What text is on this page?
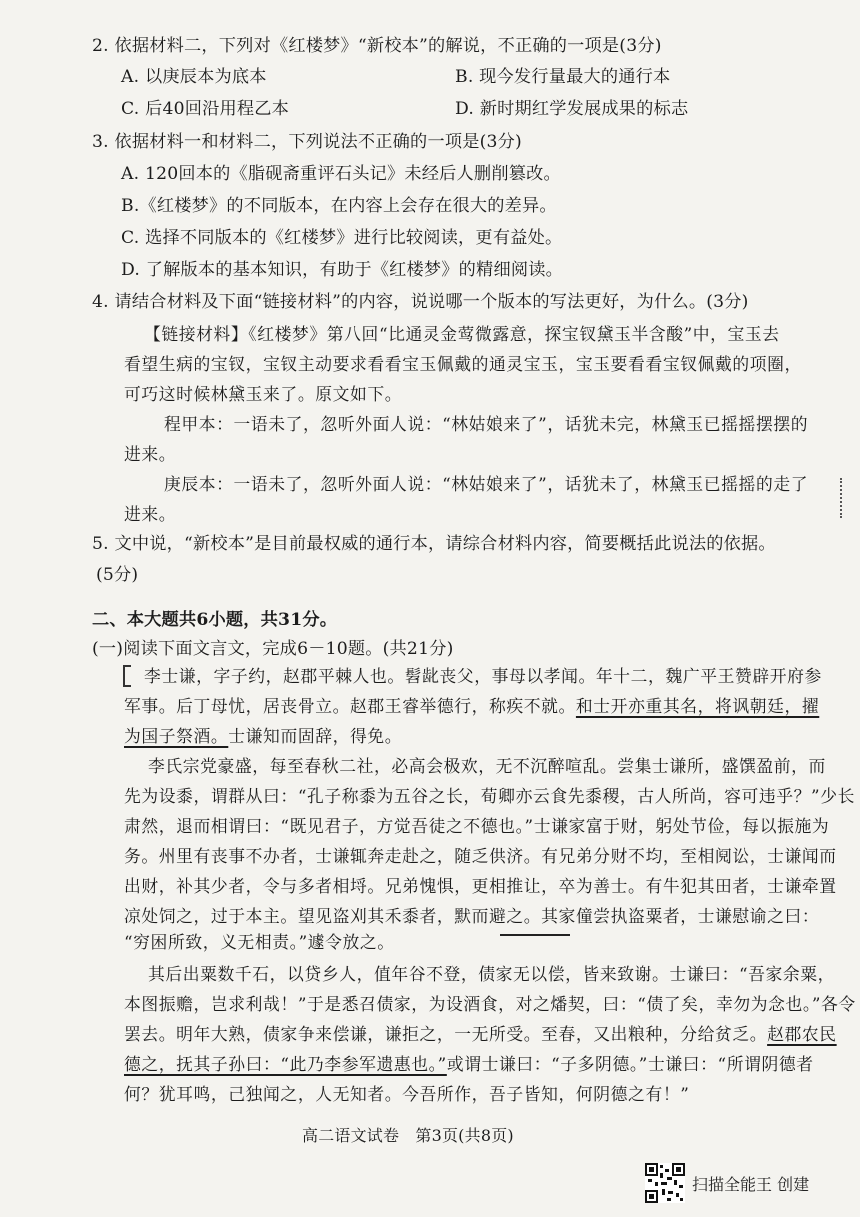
2. 依据材料二，下列对《红楼梦》“新校本”的解说，不正确的一项是(3分)
A. 以庚辰本为底本	B. 现今发行量最大的通行本
C. 后40回沿用程乙本	D. 新时期红学发展成果的标志
3. 依据材料一和材料二，下列说法不正确的一项是(3分)
A. 120回本的《脂砚斋重评石头记》未经后人删削篡改。
B.《红楼梦》的不同版本，在内容上会存在很大的差异。
C. 选择不同版本的《红楼梦》进行比较阅读，更有益处。
D. 了解版本的基本知识，有助于《红楼梦》的精细阅读。
4. 请结合材料及下面“链接材料”的内容，说说哪一个版本的写法更好，为什么。(3分)
【链接材料】《红楼梦》第八回“比通灵金莺微露意，探宝钗黛玉半含酸”中，宝玉去
看望生病的宝钗，宝钗主动要求看看宝玉佩戴的通灵宝玉，宝玉要看看宝钗佩戴的项圈，
可巧这时候林黛玉来了。原文如下。
程甲本：一语未了，忽听外面人说：“林姑娘来了”，话犹未完，林黛玉已摇摇摆摆的
进来。
庚辰本：一语未了，忽听外面人说：“林姑娘来了”，话犹未了，林黛玉已摇摇的走了
进来。
5. 文中说，“新校本”是目前最权威的通行本，请综合材料内容，简要概括此说法的依据。
(5分)
二、本大题共6小题，共31分。
(一)阅读下面文言文，完成6－10题。(共21分)
李士谦，字子约，赵郡平棘人也。髫龀丧父，事母以孝闻。年十二，魏广平王赞辟开府参
军事。后丁母忧，居丧骨立。赵郡王睿举德行，称疾不就。和士开亦重其名，将讽朝廷，擢
为国子祭酒。士谦知而固辞，得免。
李氏宗党豪盛，每至春秋二社，必高会极欢，无不沉醉喧乱。尝集士谦所，盛馔盈前，而
先为设黍，谓群从曰：“孔子称黍为五谷之长，荀卿亦云食先黍稷，古人所尚，容可违乎？”少长
肃然，退而相谓曰：“既见君子，方觉吾徒之不德也。”士谦家富于财，躬处节俭，每以振施为
务。州里有丧事不办者，士谦辄奔走赴之，随乏供济。有兄弟分财不均，至相阋讼，士谦闻而
出财，补其少者，令与多者相埒。兄弟愧惧，更相推让，卒为善士。有牛犯其田者，士谦牵置
凉处饲之，过于本主。望见盗刈其禾黍者，默而避之。其家僮尝执盗粟者，士谦慰谕之曰：
“穷困所致，义无相责。”遽令放之。
其后出粟数千石，以贷乡人，值年谷不登，债家无以偿，皆来致谢。士谦曰：“吾家余粟，
本图振赡，岂求利哉！”于是悉召债家，为设酒食，对之燔契，曰：“债了矣，幸勿为念也。”各令
罢去。明年大熟，债家争来偿谦，谦拒之，一无所受。至春，又出粮种，分给贫乏。赵郡农民
德之，抚其子孙曰：“此乃李参军遗惠也。”或谓士谦曰：“子多阴德。”士谦曰：“所谓阴德者
何？犹耳鸣，己独闻之，人无知者。今吾所作，吾子皆知，何阴德之有！”
高二语文试卷　第3页(共8页)
扫描全能王 创建
